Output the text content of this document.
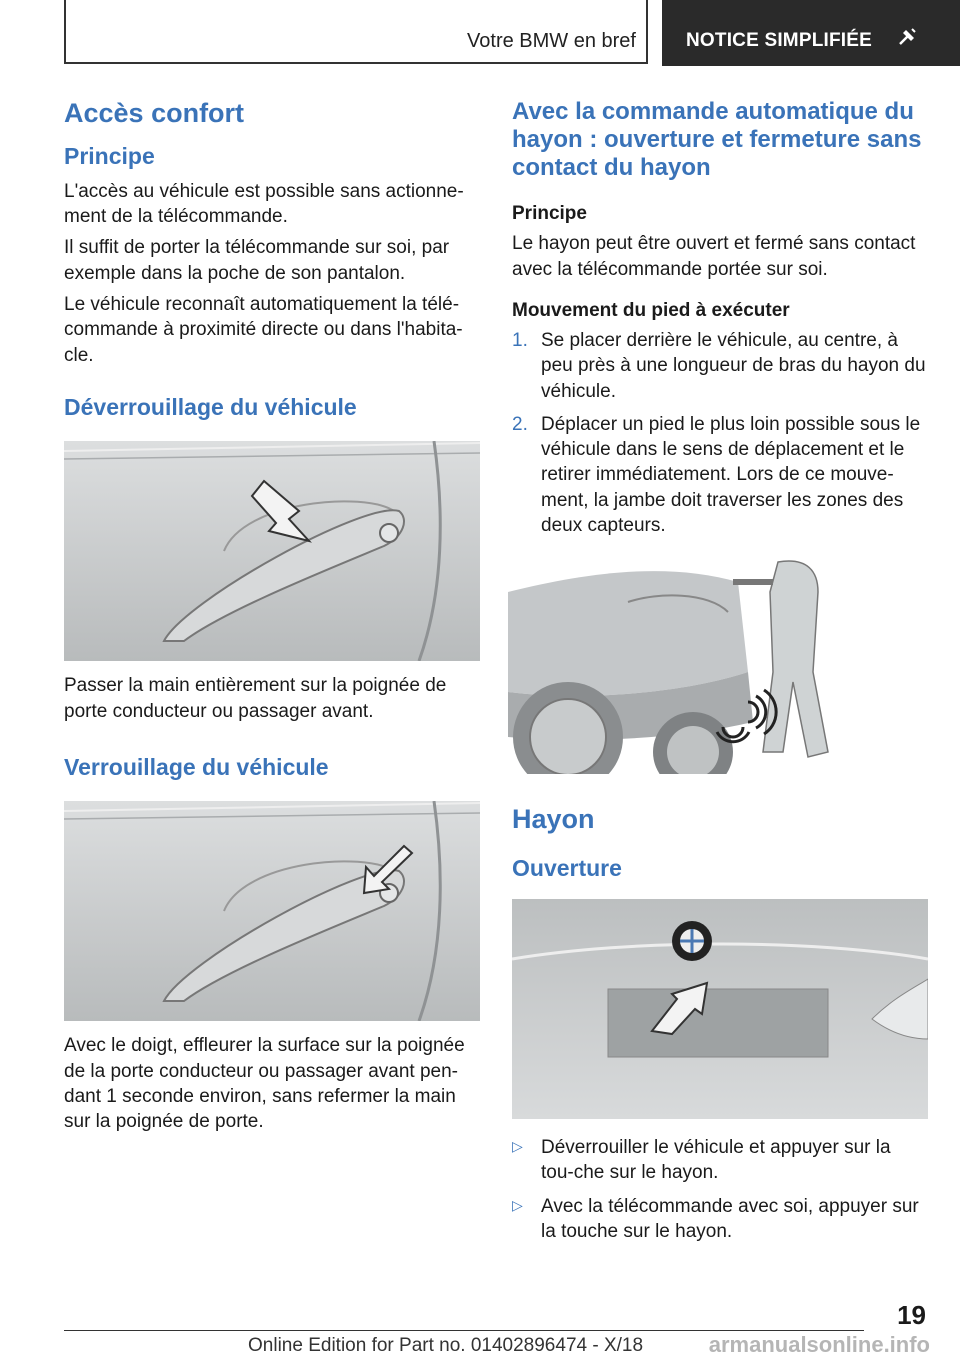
Votre BMW en bref	NOTICE SIMPLIFIÉE
Accès confort
Principe

L'accès au véhicule est possible sans actionne-ment de la télécommande.

Il suffit de porter la télécommande sur soi, par exemple dans la poche de son pantalon.

Le véhicule reconnaît automatiquement la télé-commande à proximité directe ou dans l'habita-cle.

Déverrouillage du véhicule

Passer la main entièrement sur la poignée de porte conducteur ou passager avant.

Verrouillage du véhicule

Avec le doigt, effleurer la surface sur la poignée de la porte conducteur ou passager avant pen-dant 1 seconde environ, sans refermer la main sur la poignée de porte.

Avec la commande automatique du hayon : ouverture et fermeture sans contact du hayon
Principe

Le hayon peut être ouvert et fermé sans contact avec la télécommande portée sur soi.

Mouvement du pied à exécuter
1. Se placer derrière le véhicule, au centre, à peu près à une longueur de bras du hayon du véhicule.
2. Déplacer un pied le plus loin possible sous le véhicule dans le sens de déplacement et le retirer immédiatement. Lors de ce mouve-ment, la jambe doit traverser les zones des deux capteurs.
Hayon
Ouverture
▷ Déverrouiller le véhicule et appuyer sur la tou-che sur le hayon.
▷ Avec la télécommande avec soi, appuyer sur la touche sur le hayon.
19
Online Edition for Part no. 01402896474 - X/18	armanualsonline.info
